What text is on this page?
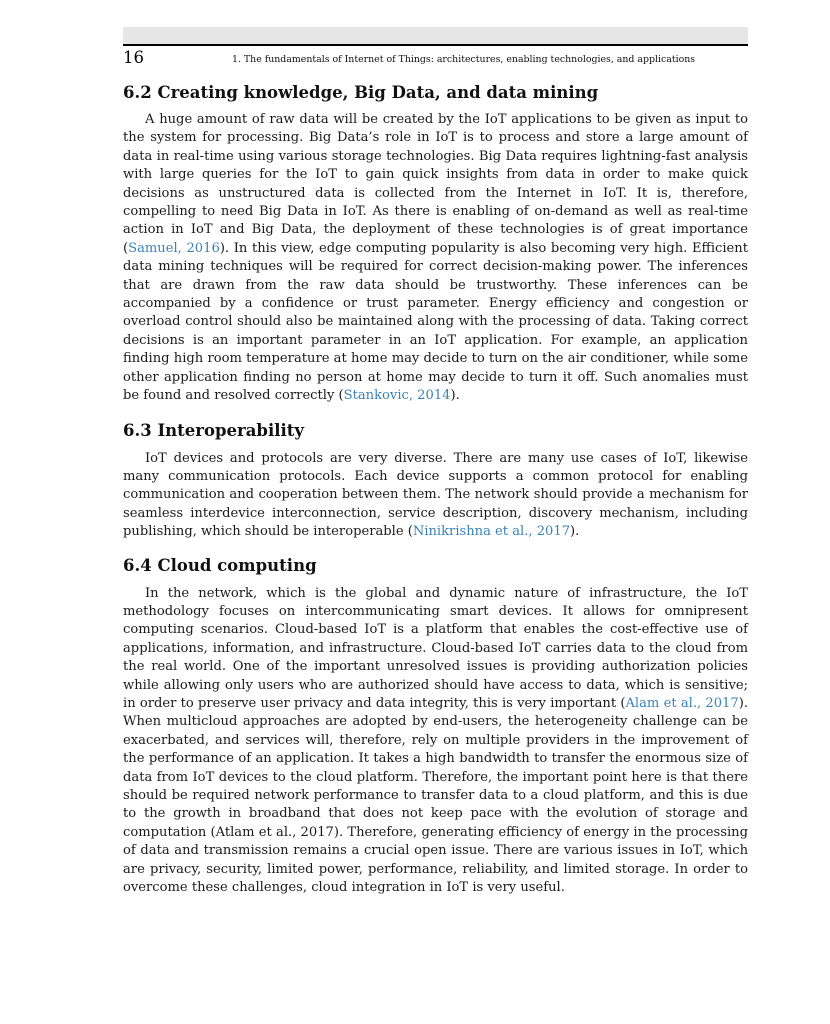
16	1. The fundamentals of Internet of Things: architectures, enabling technologies, and applications
6.2 Creating knowledge, Big Data, and data mining

A huge amount of raw data will be created by the IoT applications to be given as input to the system for processing. Big Data’s role in IoT is to process and store a large amount of data in real-time using various storage technologies. Big Data requires lightning-fast analysis with large queries for the IoT to gain quick insights from data in order to make quick decisions as unstructured data is collected from the Internet in IoT. It is, therefore, compelling to need Big Data in IoT. As there is enabling of on-demand as well as real-time action in IoT and Big Data, the deployment of these technologies is of great importance (Samuel, 2016). In this view, edge computing popularity is also becoming very high. Efficient data mining techniques will be required for correct decision-making power. The inferences that are drawn from the raw data should be trustworthy. These inferences can be accompanied by a confidence or trust parameter. Energy efficiency and congestion or overload control should also be maintained along with the processing of data. Taking correct decisions is an important parameter in an IoT application. For example, an application finding high room temperature at home may decide to turn on the air conditioner, while some other application finding no person at home may decide to turn it off. Such anomalies must be found and resolved correctly (Stankovic, 2014).

6.3 Interoperability

IoT devices and protocols are very diverse. There are many use cases of IoT, likewise many communication protocols. Each device supports a common protocol for enabling communication and cooperation between them. The network should provide a mechanism for seamless interdevice interconnection, service description, discovery mechanism, including publishing, which should be interoperable (Ninikrishna et al., 2017).

6.4 Cloud computing

In the network, which is the global and dynamic nature of infrastructure, the IoT methodology focuses on intercommunicating smart devices. It allows for omnipresent computing scenarios. Cloud-based IoT is a platform that enables the cost-effective use of applications, information, and infrastructure. Cloud-based IoT carries data to the cloud from the real world. One of the important unresolved issues is providing authorization policies while allowing only users who are authorized should have access to data, which is sensitive; in order to preserve user privacy and data integrity, this is very important (Alam et al., 2017). When multicloud approaches are adopted by end-users, the heterogeneity challenge can be exacerbated, and services will, therefore, rely on multiple providers in the improvement of the performance of an application. It takes a high bandwidth to transfer the enormous size of data from IoT devices to the cloud platform. Therefore, the important point here is that there should be required network performance to transfer data to a cloud platform, and this is due to the growth in broadband that does not keep pace with the evolution of storage and computation (Atlam et al., 2017). Therefore, generating efficiency of energy in the processing of data and transmission remains a crucial open issue. There are various issues in IoT, which are privacy, security, limited power, performance, reliability, and limited storage. In order to overcome these challenges, cloud integration in IoT is very useful.
